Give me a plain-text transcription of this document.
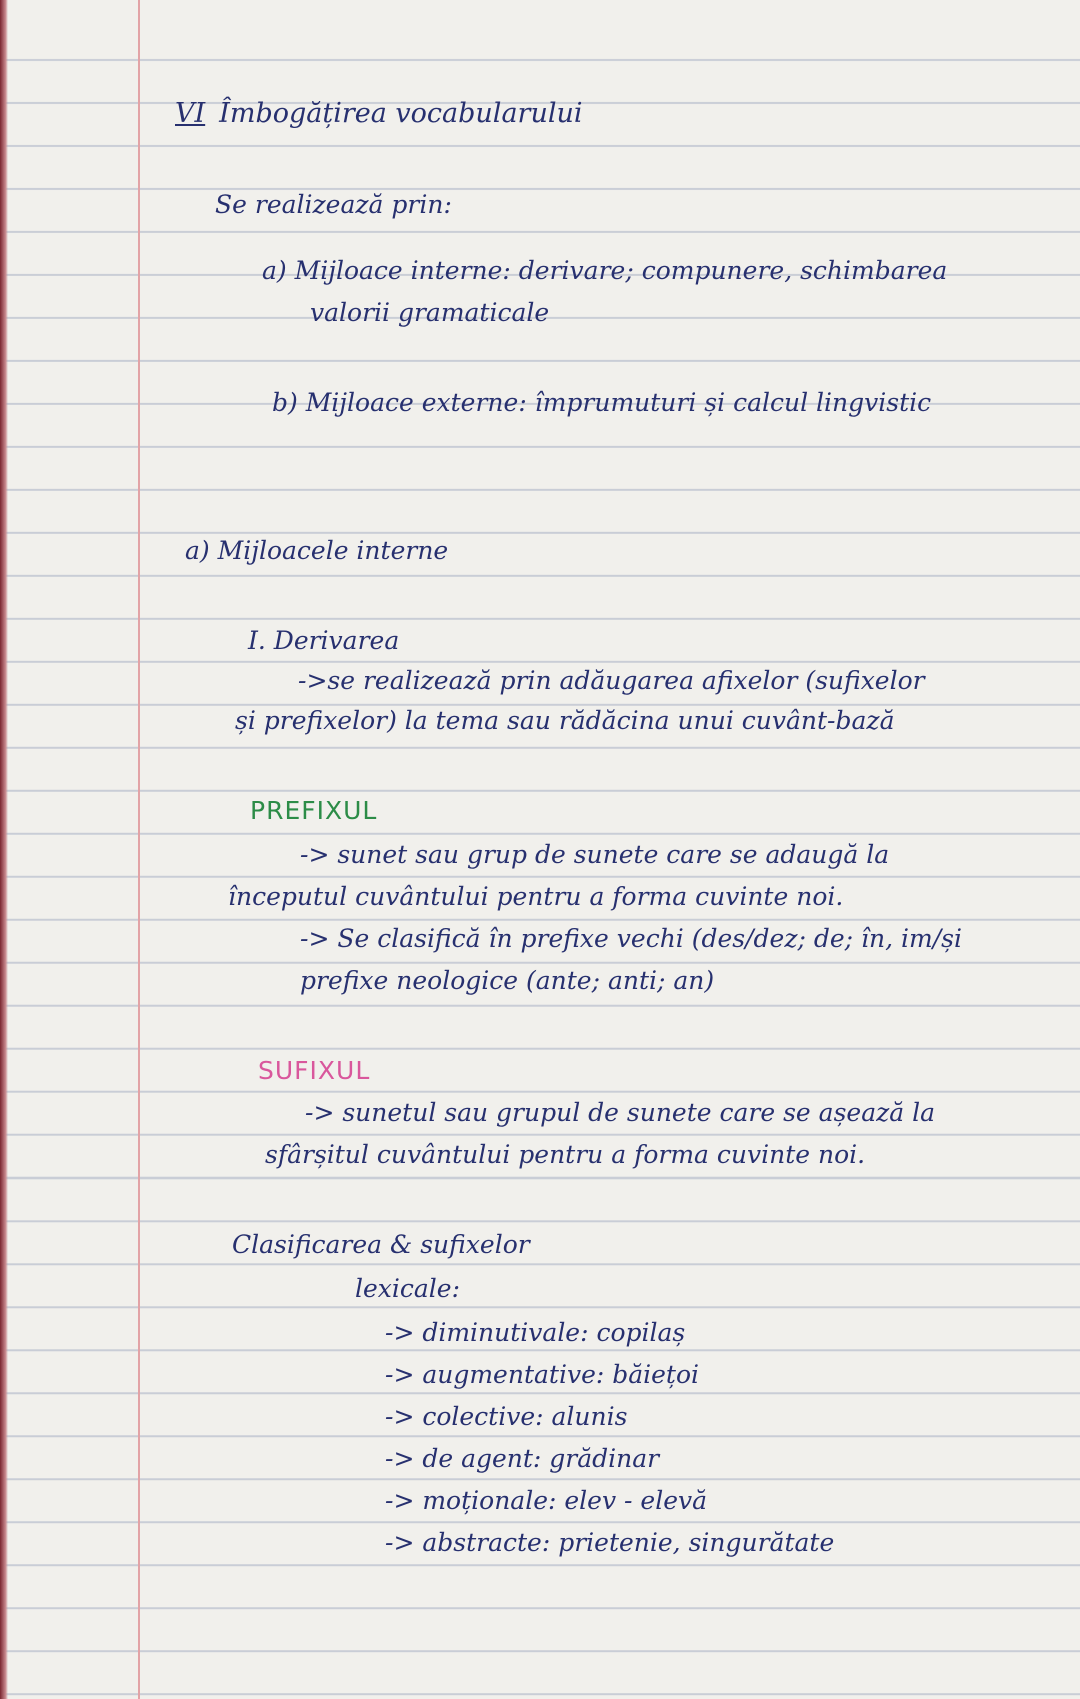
VI Îmbogățirea vocabularului

Se realizează prin:

a) Mijloace interne: derivare; compunere, schimbarea

valorii gramaticale

b) Mijloace externe: împrumuturi și calcul lingvistic

a) Mijloacele interne

I. Derivarea

->se realizează prin adăugarea afixelor (sufixelor

și prefixelor) la tema sau rădăcina unui cuvânt-bază

PREFIXUL

-> sunet sau grup de sunete care se adaugă la

începutul cuvântului pentru a forma cuvinte noi.

-> Se clasifică în prefixe vechi (des/dez; de; în, im/și

prefixe neologice (ante; anti; an)

SUFIXUL

-> sunetul sau grupul de sunete care se așează la

sfârșitul cuvântului pentru a forma cuvinte noi.

Clasificarea & sufixelor

lexicale:

-> diminutivale: copilaș

-> augmentative: băiețoi

-> colective: alunis

-> de agent: grădinar

-> moționale: elev - elevă

-> abstracte: prietenie, singurătate
